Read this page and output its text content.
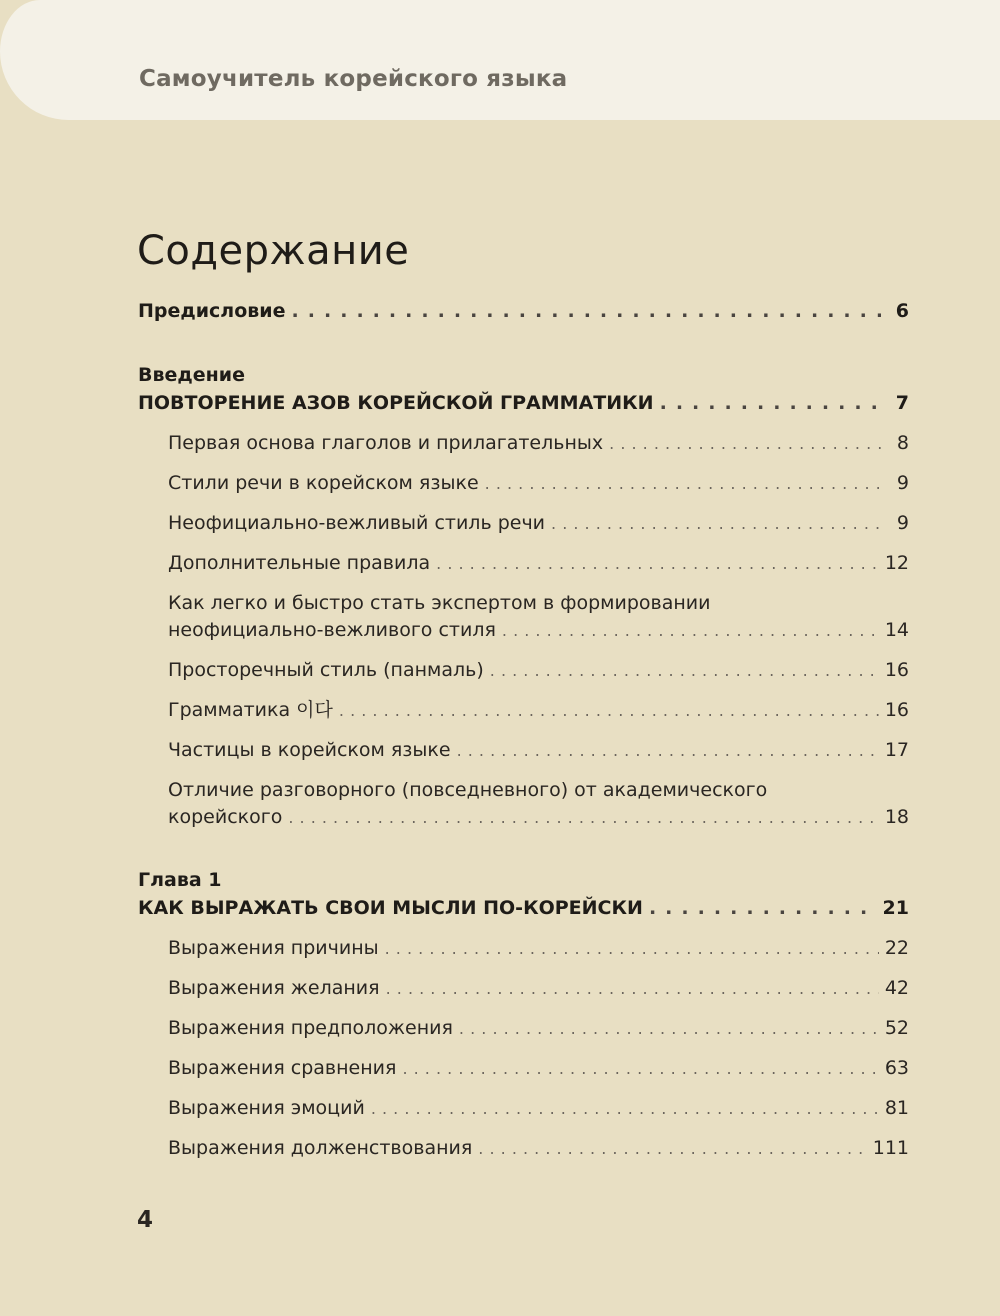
Самоучитель корейского языка
Содержание
Предисловие . . .	6
Введение
ПОВТОРЕНИЕ АЗОВ КОРЕЙСКОЙ ГРАММАТИКИ . . .	7
Первая основа глаголов и прилагательных . . .	8
Стили речи в корейском языке . . .	9
Неофициально-вежливый стиль речи . . .	9
Дополнительные правила . . .	12
Как легко и быстро стать экспертом в формировании
неофициально-вежливого стиля . . .	14
Просторечный стиль (панмаль) . . .	16
Грамматика 이다 . . .	16
Частицы в корейском языке . . .	17
Отличие разговорного (повседневного) от академического
корейского . . .	18
Глава 1
КАК ВЫРАЖАТЬ СВОИ МЫСЛИ ПО-КОРЕЙСКИ . . .	21
Выражения причины . . .	22
Выражения желания . . .	42
Выражения предположения . . .	52
Выражения сравнения . . .	63
Выражения эмоций . . .	81
Выражения долженствования . . .	111
4
